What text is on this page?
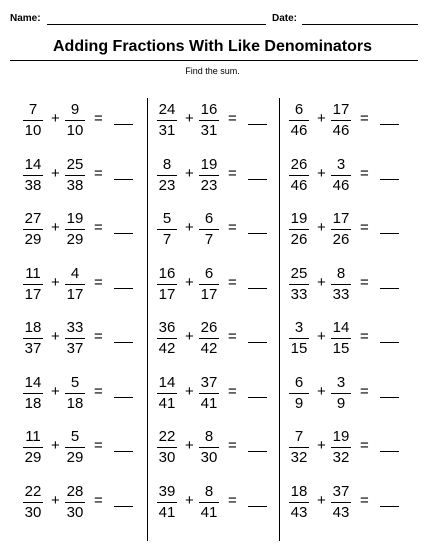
Name:	Date:
Adding Fractions With Like Denominators
Find the sum.
7
10
+
9
10
=
14
38
+
25
38
=
27
29
+
19
29
=
11
17
+
4
17
=
18
37
+
33
37
=
14
18
+
5
18
=
11
29
+
5
29
=
22
30
+
28
30
=
24
31
+
16
31
=
8
23
+
19
23
=
5
7
+
6
7
=
16
17
+
6
17
=
36
42
+
26
42
=
14
41
+
37
41
=
22
30
+
8
30
=
39
41
+
8
41
=
6
46
+
17
46
=
26
46
+
3
46
=
19
26
+
17
26
=
25
33
+
8
33
=
3
15
+
14
15
=
6
9
+
3
9
=
7
32
+
19
32
=
18
43
+
37
43
=
